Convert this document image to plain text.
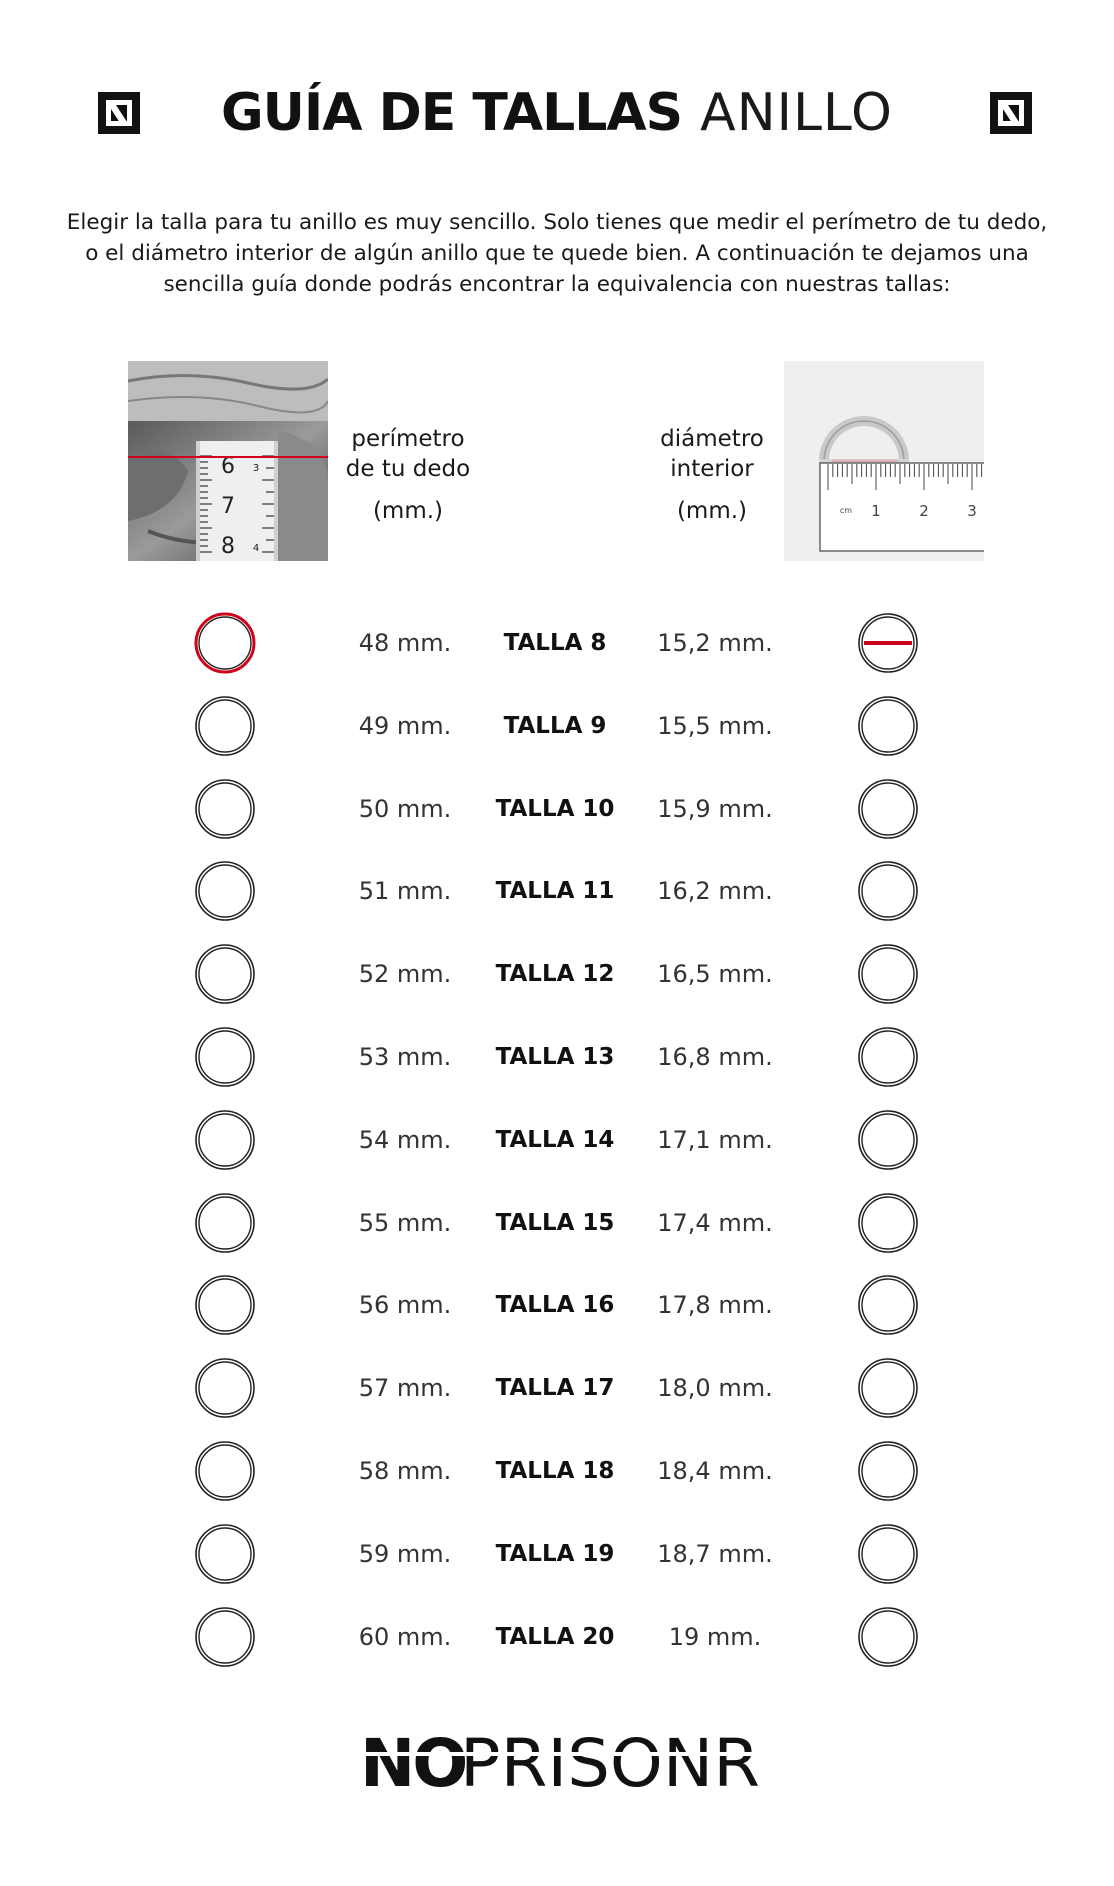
GUÍA DE TALLAS ANILLO

Elegir la talla para tu anillo es muy sencillo. Solo tienes que medir el perímetro de tu dedo, o el diámetro interior de algún anillo que te quede bien. A continuación te dejamos una sencilla guía donde podrás encontrar la equivalencia con nuestras tallas:

6
7
8
3
4
perímetro
de tu dedo
(mm.)
diámetro
interior
(mm.)	cm 1	2	3
48 mm.	TALLA 8	15,2 mm.
49 mm.	TALLA 9	15,5 mm.
50 mm.	TALLA 10	15,9 mm.
51 mm.	TALLA 11	16,2 mm.
52 mm.	TALLA 12	16,5 mm.
53 mm.	TALLA 13	16,8 mm.
54 mm.	TALLA 14	17,1 mm.
55 mm.	TALLA 15	17,4 mm.
56 mm.	TALLA 16	17,8 mm.
57 mm.	TALLA 17	18,0 mm.
58 mm.	TALLA 18	18,4 mm.
59 mm.	TALLA 19	18,7 mm.
60 mm.	TALLA 20	19 mm.
NO
PRISONR
